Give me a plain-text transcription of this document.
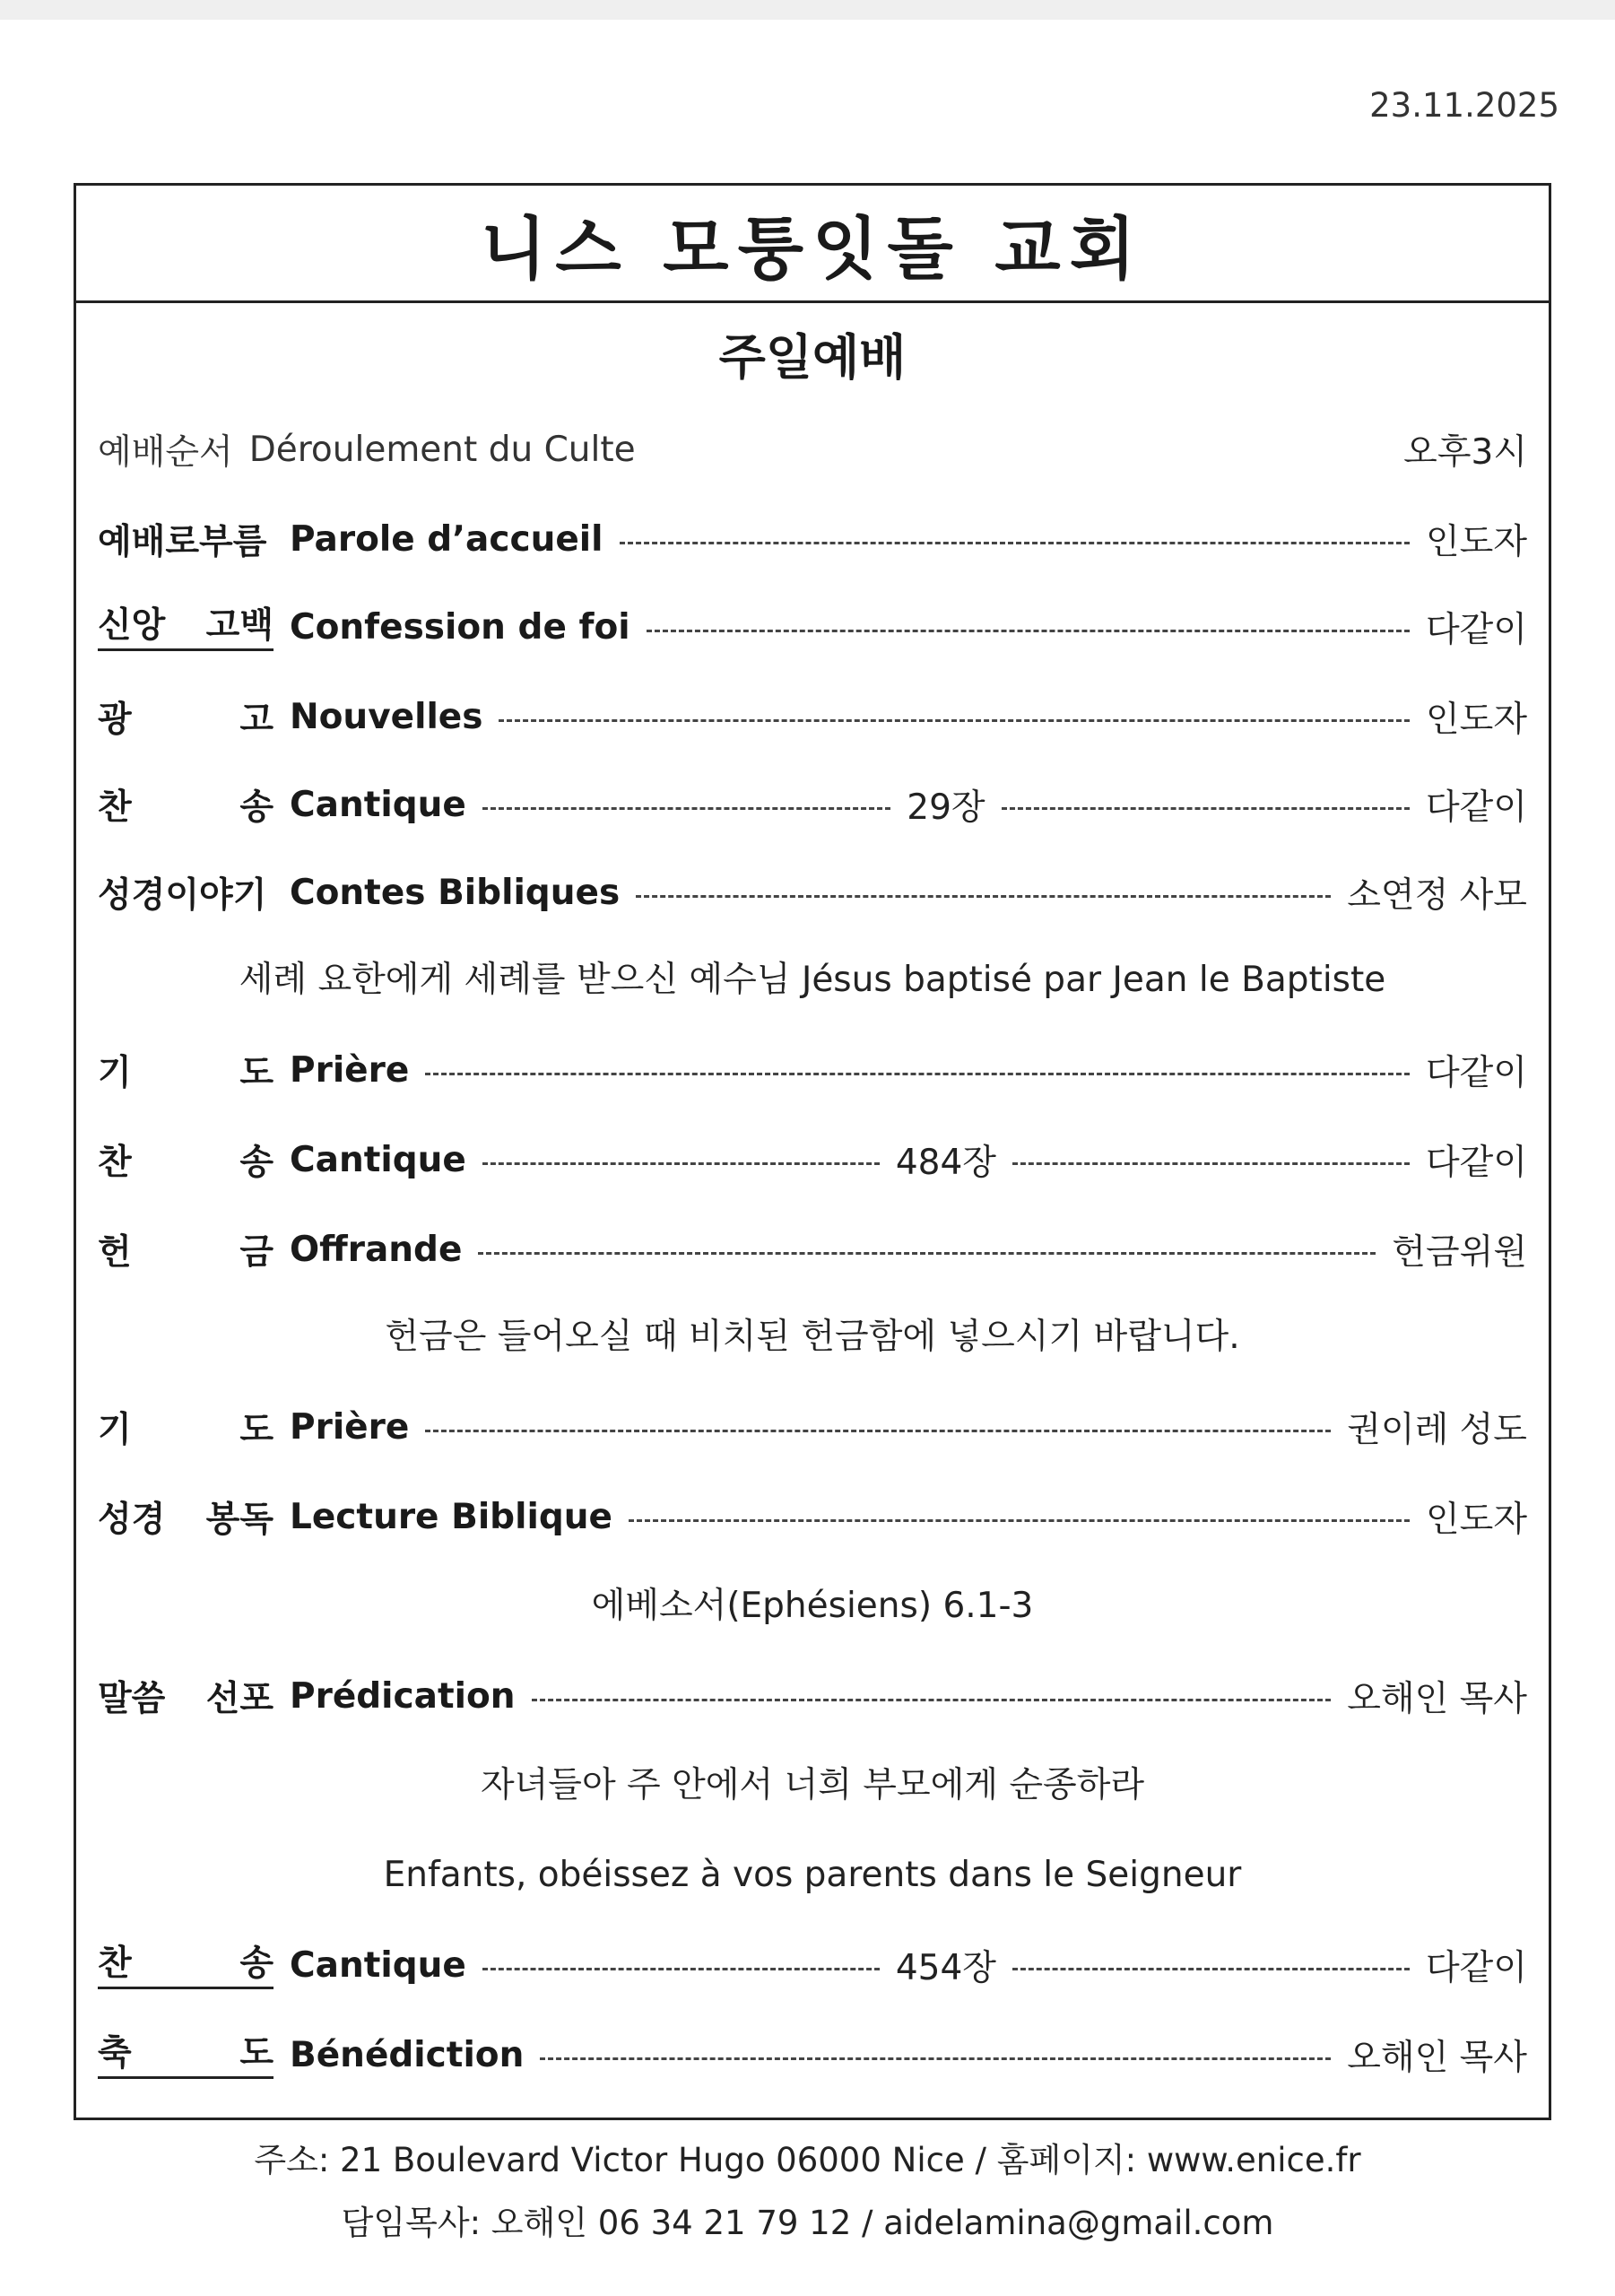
23.11.2025
니스 모퉁잇돌 교회
주일예배
예배순서 Déroulement du Culte	오후3시
예배로부름 Parole d’accueil	인도자
신앙 고백 Confession de foi	다같이
광	고 Nouvelles	인도자
찬	송 Cantique	29장	다같이
성경이야기 Contes Bibliques	소연정 사모
세례 요한에게 세례를 받으신 예수님 Jésus baptisé par Jean le Baptiste
기	도 Prière	다같이
찬	송 Cantique	484장	다같이
헌	금 Offrande	헌금위원
헌금은 들어오실 때 비치된 헌금함에 넣으시기 바랍니다.
기	도 Prière	권이레 성도
성경 봉독 Lecture Biblique	인도자
에베소서(Ephésiens) 6.1-3
말씀 선포 Prédication	오해인 목사
자녀들아 주 안에서 너희 부모에게 순종하라
Enfants, obéissez à vos parents dans le Seigneur
찬	송 Cantique	454장	다같이
축	도 Bénédiction	오해인 목사
주소: 21 Boulevard Victor Hugo 06000 Nice / 홈페이지: www.enice.fr
담임목사: 오해인 06 34 21 79 12 / aidelamina@gmail.com
